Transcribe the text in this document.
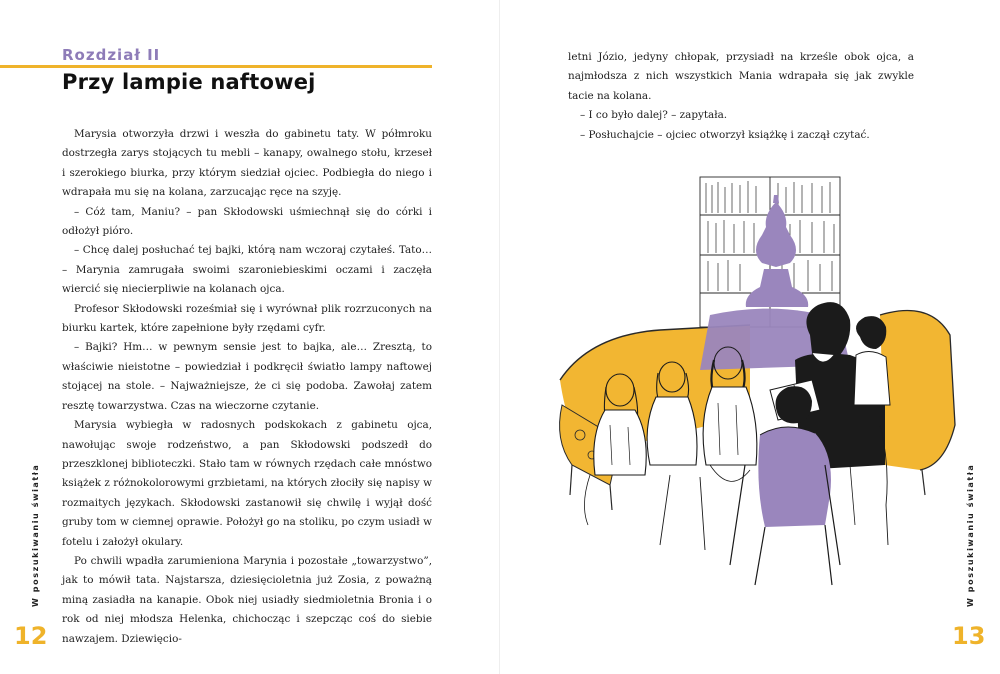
Rozdział II
Przy lampie naftowej

Marysia otworzyła drzwi i weszła do gabinetu taty. W półmroku dostrzegła zarys stojących tu mebli – kanapy, owalnego stołu, krzeseł i szerokiego biurka, przy którym siedział ojciec. Podbiegła do niego i wdrapała mu się na kolana, zarzucając ręce na szyję.

– Cóż tam, Maniu? – pan Skłodowski uśmiechnął się do córki i odłożył pióro.

– Chcę dalej posłuchać tej bajki, którą nam wczoraj czytałeś. Tato… – Marynia zamrugała swoimi szaroniebieskimi oczami i zaczęła wiercić się niecierpliwie na kolanach ojca.

Profesor Skłodowski roześmiał się i wyrównał plik rozrzuconych na biurku kartek, które zapełnione były rzędami cyfr.

– Bajki? Hm… w pewnym sensie jest to bajka, ale… Zresztą, to właściwie nieistotne – powiedział i podkręcił światło lampy naftowej stojącej na stole. – Najważniejsze, że ci się podoba. Zawołaj zatem resztę towarzystwa. Czas na wieczorne czytanie.

Marysia wybiegła w radosnych podskokach z gabinetu ojca, nawołując swoje rodzeństwo, a pan Skłodowski podszedł do przeszklonej biblioteczki. Stało tam w równych rzędach całe mnóstwo książek z różnokolorowymi grzbietami, na których złociły się napisy w rozmaitych językach. Skłodowski zastanowił się chwilę i wyjął dość gruby tom w ciemnej oprawie. Położył go na stoliku, po czym usiadł w fotelu i założył okulary.

Po chwili wpadła zarumieniona Marynia i pozostałe „towarzystwo”, jak to mówił tata. Najstarsza, dziesięcioletnia już Zosia, z poważną miną zasiadła na kanapie. Obok niej usiadły siedmioletnia Bronia i o rok od niej młodsza Helenka, chichocząc i szepcząc coś do siebie nawzajem. Dziewięcio-

W poszukiwaniu światła
12

letni Józio, jedyny chłopak, przysiadł na krześle obok ojca, a najmłodsza z nich wszystkich Mania wdrapała się jak zwykle tacie na kolana.

– I co było dalej? – zapytała.

– Posłuchajcie – ojciec otworzył książkę i zaczął czytać.

W poszukiwaniu światła
13
